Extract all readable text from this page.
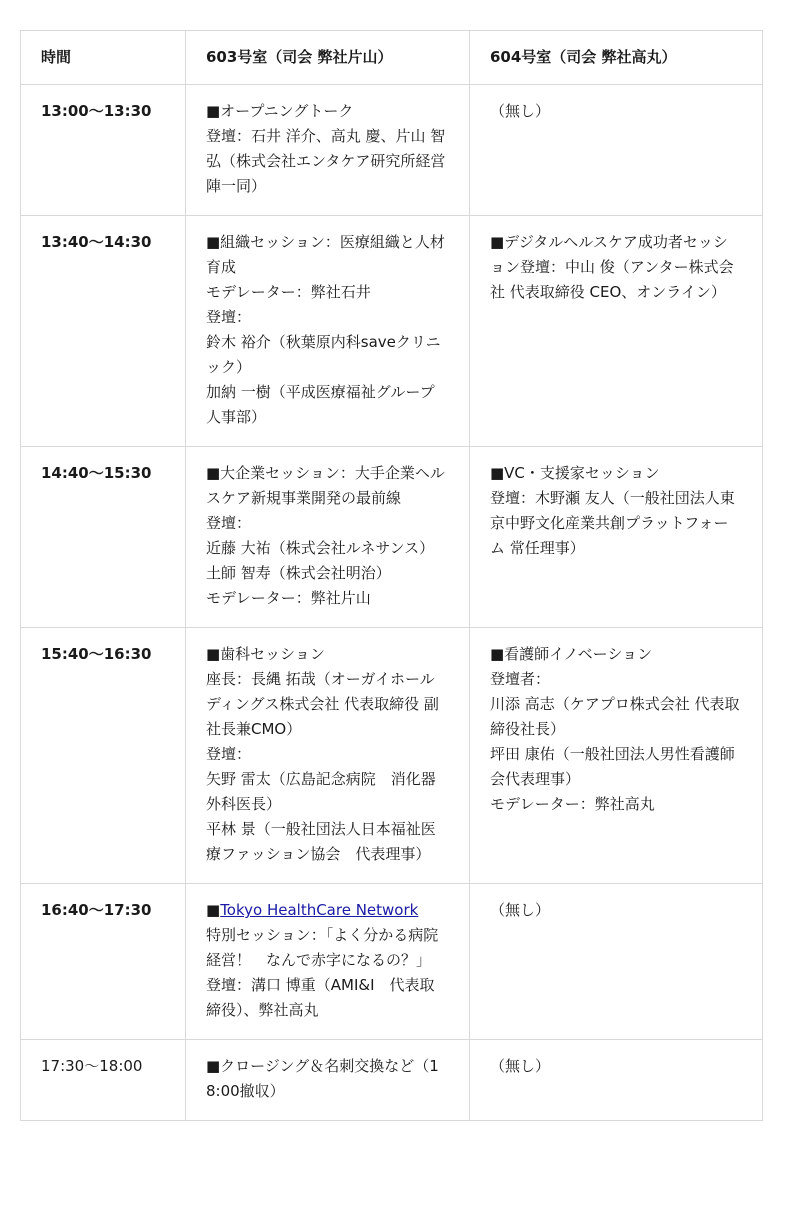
時間	603号室（司会 弊社片山）	604号室（司会 弊社高丸）
13:00〜13:30	■オープニングトーク
登壇：石井 洋介、高丸 慶、片山 智弘（株式会社エンタケア研究所経営陣一同）	（無し）

13:40〜14:30	■組織セッション：医療組織と人材育成
モデレーター：弊社石井
登壇：
鈴木 裕介（秋葉原内科saveクリニック）
加納 一樹（平成医療福祉グループ人事部）	■デジタルヘルスケア成功者セッション登壇：中山 俊（アンター株式会社 代表取締役 CEO、オンライン）

14:40〜15:30	■大企業セッション：大手企業ヘルスケア新規事業開発の最前線
登壇：
近藤 大祐（株式会社ルネサンス）
土師 智寿（株式会社明治）
モデレーター：弊社片山	■VC・支援家セッション
登壇：木野瀬 友人（一般社団法人東京中野文化産業共創プラットフォーム 常任理事）

15:40〜16:30	■歯科セッション
座長：長縄 拓哉（オーガイホールディングス株式会社 代表取締役 副社長兼CMO）
登壇：
矢野 雷太（広島記念病院　消化器外科医長）
平林 景（一般社団法人日本福祉医療ファッション協会　代表理事）	■看護師イノベーション
登壇者：
川添 高志（ケアプロ株式会社 代表取締役社長）
坪田 康佑（一般社団法人男性看護師会代表理事）
モデレーター：弊社高丸

16:40〜17:30	■Tokyo HealthCare Network
特別セッション：「よく分かる病院経営！　なんで赤字になるの？」
登壇：溝口 博重（AMI&I　代表取締役）、弊社高丸	（無し）

17:30〜18:00	■クロージング＆名刺交換など（18:00撤収）	（無し）
